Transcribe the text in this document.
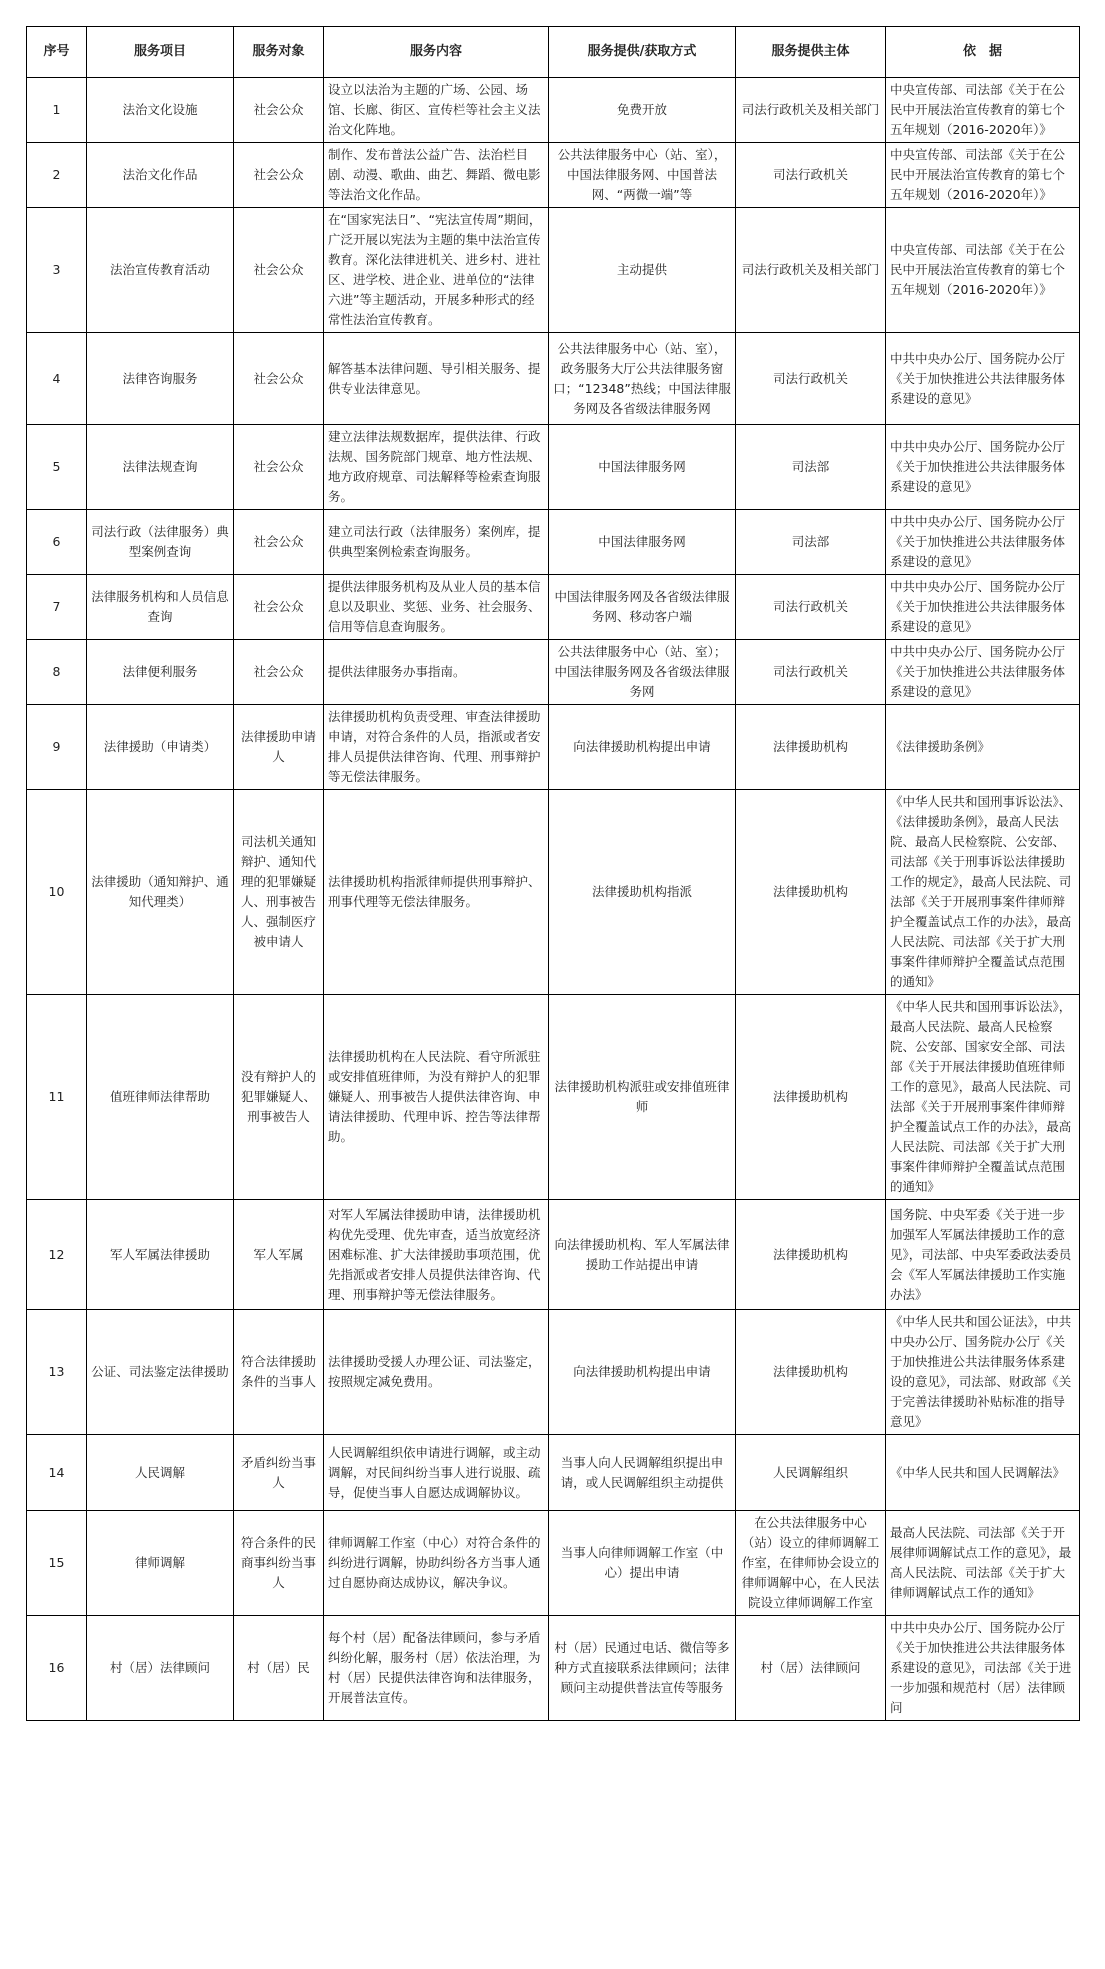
序号	服务项目	服务对象	服务内容	服务提供/获取方式	服务提供主体	依　据
1	法治文化设施	社会公众	设立以法治为主题的广场、公园、场馆、长廊、街区、宣传栏等社会主义法治文化阵地。	免费开放	司法行政机关及相关部门	中央宣传部、司法部《关于在公民中开展法治宣传教育的第七个五年规划（2016-2020年）》
2	法治文化作品	社会公众	制作、发布普法公益广告、法治栏目剧、动漫、歌曲、曲艺、舞蹈、微电影等法治文化作品。	公共法律服务中心（站、室），中国法律服务网、中国普法网、“两微一端”等	司法行政机关	中央宣传部、司法部《关于在公民中开展法治宣传教育的第七个五年规划（2016-2020年）》
3	法治宣传教育活动	社会公众	在“国家宪法日”、“宪法宣传周”期间，广泛开展以宪法为主题的集中法治宣传教育。深化法律进机关、进乡村、进社区、进学校、进企业、进单位的“法律六进”等主题活动，开展多种形式的经常性法治宣传教育。	主动提供	司法行政机关及相关部门	中央宣传部、司法部《关于在公民中开展法治宣传教育的第七个五年规划（2016-2020年）》
4	法律咨询服务	社会公众	解答基本法律问题、导引相关服务、提供专业法律意见。	公共法律服务中心（站、室），政务服务大厅公共法律服务窗口；“12348”热线；中国法律服务网及各省级法律服务网	司法行政机关	中共中央办公厅、国务院办公厅《关于加快推进公共法律服务体系建设的意见》
5	法律法规查询	社会公众	建立法律法规数据库，提供法律、行政法规、国务院部门规章、地方性法规、地方政府规章、司法解释等检索查询服务。	中国法律服务网	司法部	中共中央办公厅、国务院办公厅《关于加快推进公共法律服务体系建设的意见》
6	司法行政（法律服务）典型案例查询	社会公众	建立司法行政（法律服务）案例库，提供典型案例检索查询服务。	中国法律服务网	司法部	中共中央办公厅、国务院办公厅《关于加快推进公共法律服务体系建设的意见》
7	法律服务机构和人员信息查询	社会公众	提供法律服务机构及从业人员的基本信息以及职业、奖惩、业务、社会服务、信用等信息查询服务。	中国法律服务网及各省级法律服务网、移动客户端	司法行政机关	中共中央办公厅、国务院办公厅《关于加快推进公共法律服务体系建设的意见》
8	法律便利服务	社会公众	提供法律服务办事指南。	公共法律服务中心（站、室）；中国法律服务网及各省级法律服务网	司法行政机关	中共中央办公厅、国务院办公厅《关于加快推进公共法律服务体系建设的意见》
9	法律援助（申请类）	法律援助申请人	法律援助机构负责受理、审查法律援助申请，对符合条件的人员，指派或者安排人员提供法律咨询、代理、刑事辩护等无偿法律服务。	向法律援助机构提出申请	法律援助机构	《法律援助条例》
10	法律援助（通知辩护、通知代理类）	司法机关通知辩护、通知代理的犯罪嫌疑人、刑事被告人、强制医疗被申请人	法律援助机构指派律师提供刑事辩护、刑事代理等无偿法律服务。	法律援助机构指派	法律援助机构	《中华人民共和国刑事诉讼法》、《法律援助条例》，最高人民法院、最高人民检察院、公安部、司法部《关于刑事诉讼法律援助工作的规定》，最高人民法院、司法部《关于开展刑事案件律师辩护全覆盖试点工作的办法》，最高人民法院、司法部《关于扩大刑事案件律师辩护全覆盖试点范围的通知》
11	值班律师法律帮助	没有辩护人的犯罪嫌疑人、刑事被告人	法律援助机构在人民法院、看守所派驻或安排值班律师，为没有辩护人的犯罪嫌疑人、刑事被告人提供法律咨询、申请法律援助、代理申诉、控告等法律帮助。	法律援助机构派驻或安排值班律师	法律援助机构	《中华人民共和国刑事诉讼法》，最高人民法院、最高人民检察院、公安部、国家安全部、司法部《关于开展法律援助值班律师工作的意见》，最高人民法院、司法部《关于开展刑事案件律师辩护全覆盖试点工作的办法》，最高人民法院、司法部《关于扩大刑事案件律师辩护全覆盖试点范围的通知》
12	军人军属法律援助	军人军属	对军人军属法律援助申请，法律援助机构优先受理、优先审查，适当放宽经济困难标准、扩大法律援助事项范围，优先指派或者安排人员提供法律咨询、代理、刑事辩护等无偿法律服务。	向法律援助机构、军人军属法律援助工作站提出申请	法律援助机构	国务院、中央军委《关于进一步加强军人军属法律援助工作的意见》，司法部、中央军委政法委员会《军人军属法律援助工作实施办法》
13	公证、司法鉴定法律援助	符合法律援助条件的当事人	法律援助受援人办理公证、司法鉴定，按照规定减免费用。	向法律援助机构提出申请	法律援助机构	《中华人民共和国公证法》，中共中央办公厅、国务院办公厅《关于加快推进公共法律服务体系建设的意见》，司法部、财政部《关于完善法律援助补贴标准的指导意见》
14	人民调解	矛盾纠纷当事人	人民调解组织依申请进行调解，或主动调解，对民间纠纷当事人进行说服、疏导，促使当事人自愿达成调解协议。	当事人向人民调解组织提出申请，或人民调解组织主动提供	人民调解组织	《中华人民共和国人民调解法》
15	律师调解	符合条件的民商事纠纷当事人	律师调解工作室（中心）对符合条件的纠纷进行调解，协助纠纷各方当事人通过自愿协商达成协议，解决争议。	当事人向律师调解工作室（中心）提出申请	在公共法律服务中心（站）设立的律师调解工作室，在律师协会设立的律师调解中心，在人民法院设立律师调解工作室	最高人民法院、司法部《关于开展律师调解试点工作的意见》，最高人民法院、司法部《关于扩大律师调解试点工作的通知》
16	村（居）法律顾问	村（居）民	每个村（居）配备法律顾问，参与矛盾纠纷化解，服务村（居）依法治理，为村（居）民提供法律咨询和法律服务，开展普法宣传。	村（居）民通过电话、微信等多种方式直接联系法律顾问；法律顾问主动提供普法宣传等服务	村（居）法律顾问	中共中央办公厅、国务院办公厅《关于加快推进公共法律服务体系建设的意见》，司法部《关于进一步加强和规范村（居）法律顾问
